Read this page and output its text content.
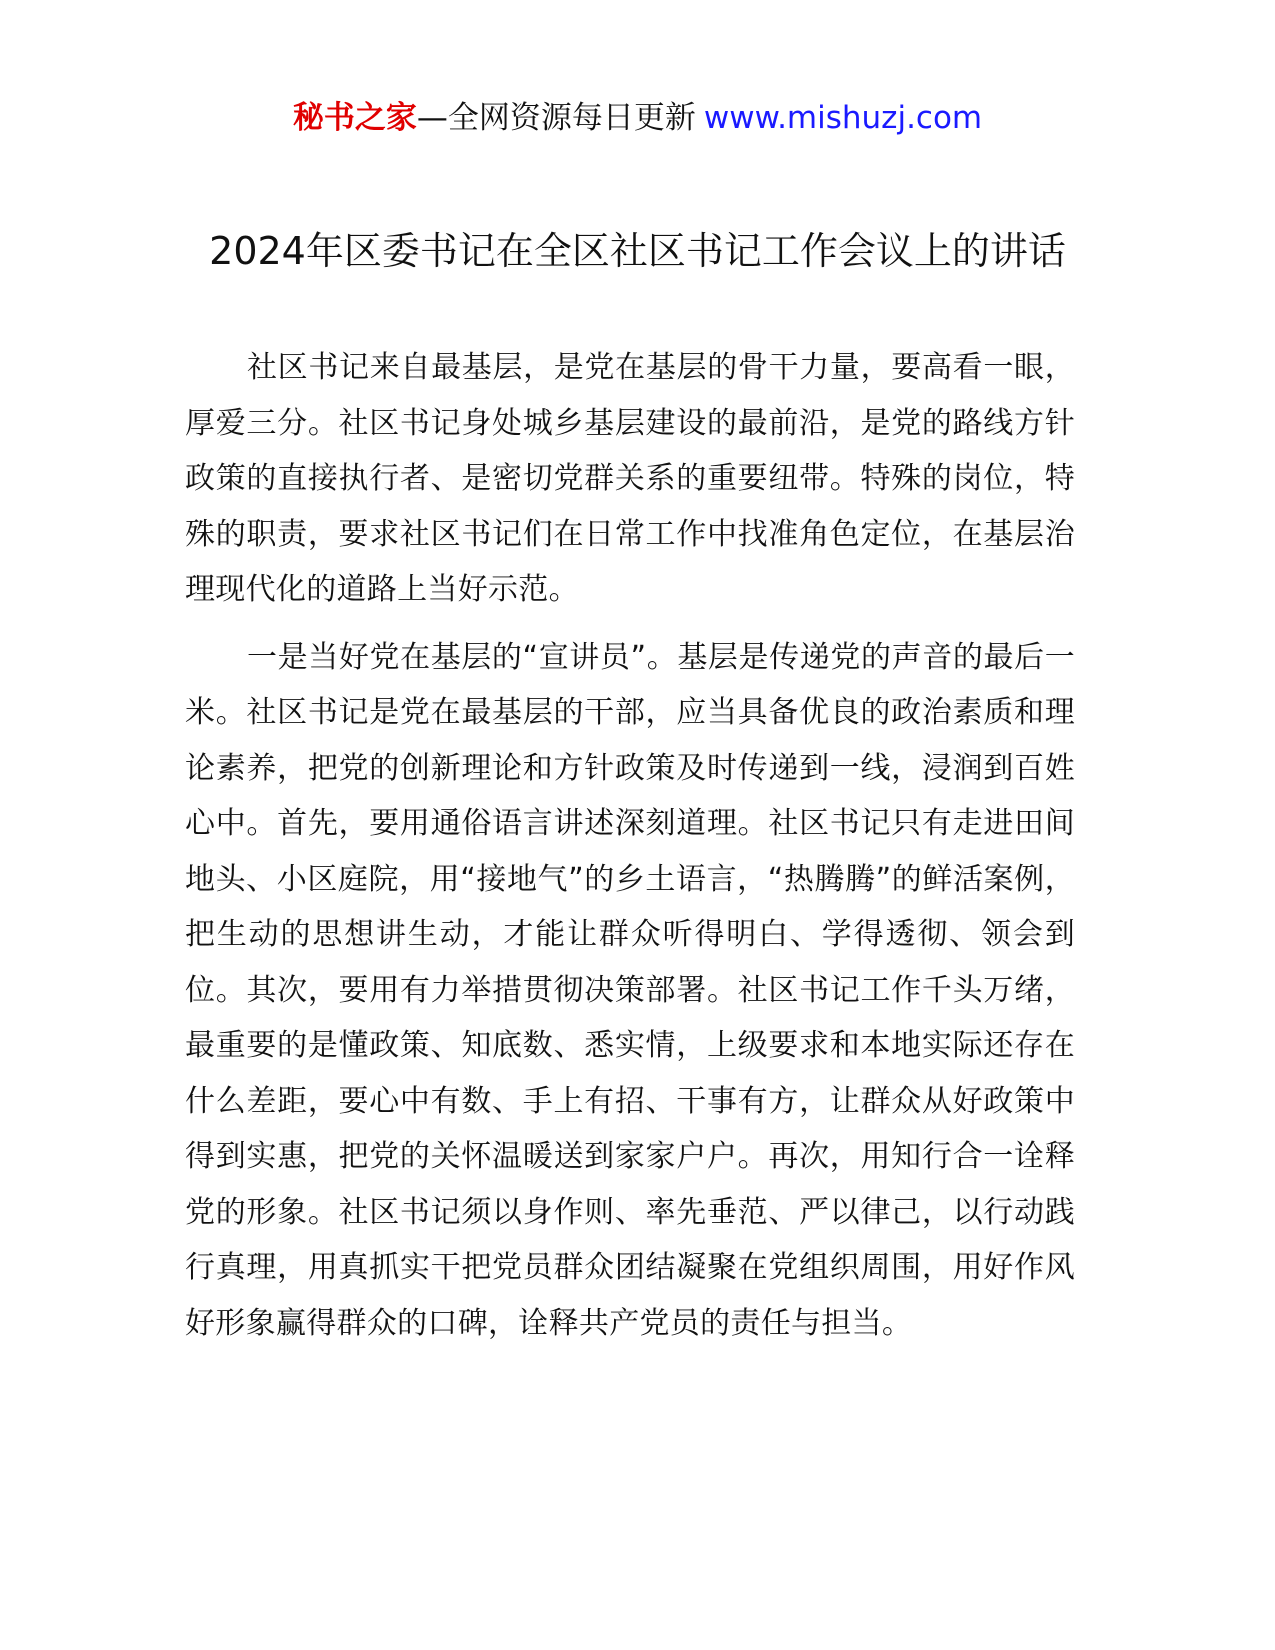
秘书之家—全网资源每日更新 www.mishuzj.com
2024年区委书记在全区社区书记工作会议上的讲话

社区书记来自最基层，是党在基层的骨干力量，要高看一眼，厚爱三分。社区书记身处城乡基层建设的最前沿，是党的路线方针政策的直接执行者、是密切党群关系的重要纽带。特殊的岗位，特殊的职责，要求社区书记们在日常工作中找准角色定位，在基层治理现代化的道路上当好示范。

一是当好党在基层的“宣讲员”。基层是传递党的声音的最后一米。社区书记是党在最基层的干部，应当具备优良的政治素质和理论素养，把党的创新理论和方针政策及时传递到一线，浸润到百姓心中。首先，要用通俗语言讲述深刻道理。社区书记只有走进田间地头、小区庭院，用“接地气”的乡土语言，“热腾腾”的鲜活案例，把生动的思想讲生动，才能让群众听得明白、学得透彻、领会到位。其次，要用有力举措贯彻决策部署。社区书记工作千头万绪，最重要的是懂政策、知底数、悉实情，上级要求和本地实际还存在什么差距，要心中有数、手上有招、干事有方，让群众从好政策中得到实惠，把党的关怀温暖送到家家户户。再次，用知行合一诠释党的形象。社区书记须以身作则、率先垂范、严以律己，以行动践行真理，用真抓实干把党员群众团结凝聚在党组织周围，用好作风好形象赢得群众的口碑，诠释共产党员的责任与担当。
